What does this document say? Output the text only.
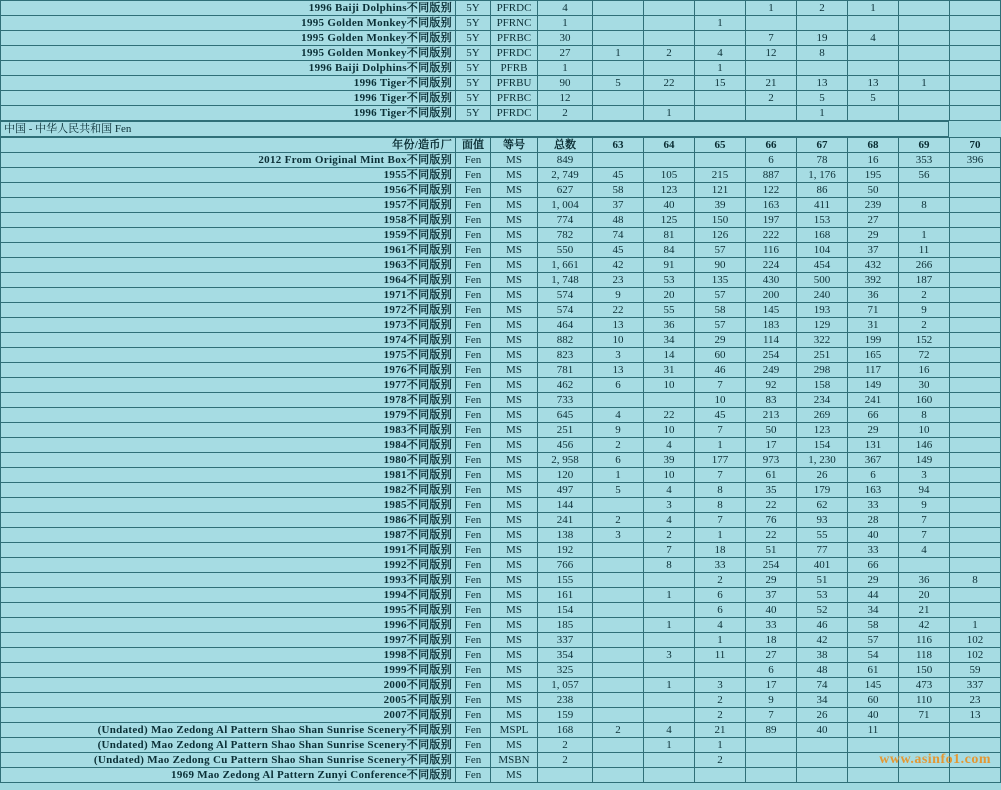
www.asinfo1.com
1996 Baiji Dolphins不同版别	5Y	PFRDC	4				1	2	1		
1995 Golden Monkey不同版别	5Y	PFRNC	1			1					
1995 Golden Monkey不同版别	5Y	PFRBC	30				7	19	4		
1995 Golden Monkey不同版别	5Y	PFRDC	27	1	2	4	12	8			
1996 Baiji Dolphins不同版别	5Y	PFRB	1			1					
1996 Tiger不同版别	5Y	PFRBU	90	5	22	15	21	13	13	1	
1996 Tiger不同版别	5Y	PFRBC	12				2	5	5		
1996 Tiger不同版别	5Y	PFRDC	2		1			1			
中国 - 中华人民共和国 Fen
年份/造币厂	面值	等号	总数	63	64	65	66	67	68	69	70
2012 From Original Mint Box不同版别	Fen	MS	849				6	78	16	353	396
1955不同版别	Fen	MS	2, 749	45	105	215	887	1, 176	195	56	
1956不同版别	Fen	MS	627	58	123	121	122	86	50		
1957不同版别	Fen	MS	1, 004	37	40	39	163	411	239	8	
1958不同版别	Fen	MS	774	48	125	150	197	153	27		
1959不同版别	Fen	MS	782	74	81	126	222	168	29	1	
1961不同版别	Fen	MS	550	45	84	57	116	104	37	11	
1963不同版别	Fen	MS	1, 661	42	91	90	224	454	432	266	
1964不同版别	Fen	MS	1, 748	23	53	135	430	500	392	187	
1971不同版别	Fen	MS	574	9	20	57	200	240	36	2	
1972不同版别	Fen	MS	574	22	55	58	145	193	71	9	
1973不同版别	Fen	MS	464	13	36	57	183	129	31	2	
1974不同版别	Fen	MS	882	10	34	29	114	322	199	152	
1975不同版别	Fen	MS	823	3	14	60	254	251	165	72	
1976不同版别	Fen	MS	781	13	31	46	249	298	117	16	
1977不同版别	Fen	MS	462	6	10	7	92	158	149	30	
1978不同版别	Fen	MS	733			10	83	234	241	160	
1979不同版别	Fen	MS	645	4	22	45	213	269	66	8	
1983不同版别	Fen	MS	251	9	10	7	50	123	29	10	
1984不同版别	Fen	MS	456	2	4	1	17	154	131	146	
1980不同版别	Fen	MS	2, 958	6	39	177	973	1, 230	367	149	
1981不同版别	Fen	MS	120	1	10	7	61	26	6	3	
1982不同版别	Fen	MS	497	5	4	8	35	179	163	94	
1985不同版别	Fen	MS	144		3	8	22	62	33	9	
1986不同版别	Fen	MS	241	2	4	7	76	93	28	7	
1987不同版别	Fen	MS	138	3	2	1	22	55	40	7	
1991不同版别	Fen	MS	192		7	18	51	77	33	4	
1992不同版别	Fen	MS	766		8	33	254	401	66		
1993不同版别	Fen	MS	155			2	29	51	29	36	8
1994不同版别	Fen	MS	161		1	6	37	53	44	20	
1995不同版别	Fen	MS	154			6	40	52	34	21	
1996不同版别	Fen	MS	185		1	4	33	46	58	42	1
1997不同版别	Fen	MS	337			1	18	42	57	116	102
1998不同版别	Fen	MS	354		3	11	27	38	54	118	102
1999不同版别	Fen	MS	325				6	48	61	150	59
2000不同版别	Fen	MS	1, 057		1	3	17	74	145	473	337
2005不同版别	Fen	MS	238			2	9	34	60	110	23
2007不同版别	Fen	MS	159			2	7	26	40	71	13
(Undated) Mao Zedong Al Pattern Shao Shan Sunrise Scenery不同版别	Fen	MSPL	168	2	4	21	89	40	11		
(Undated) Mao Zedong Al Pattern Shao Shan Sunrise Scenery不同版别	Fen	MS	2		1	1					
(Undated) Mao Zedong Cu Pattern Shao Shan Sunrise Scenery不同版别	Fen	MSBN	2			2					
1969 Mao Zedong Al Pattern Zunyi Conference不同版别	Fen	MS									
